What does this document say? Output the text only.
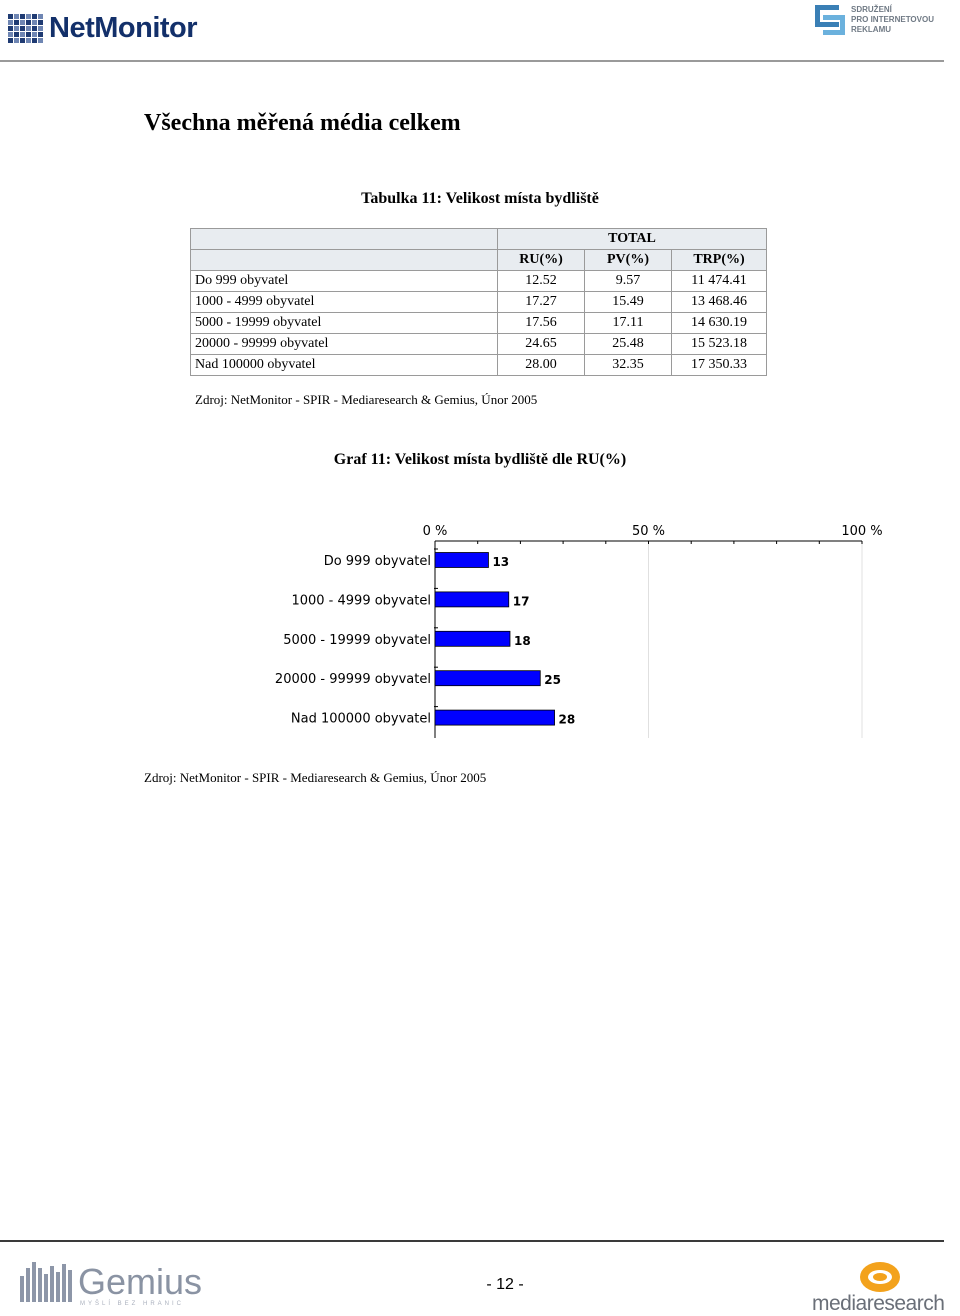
NetMonitor
SDRUŽENÍ
PRO INTERNETOVOU
REKLAMU
Všechna měřená média celkem
Tabulka 11: Velikost místa bydliště
	TOTAL		
	RU(%)	PV(%)	TRP(%)
Do 999 obyvatel	12.52	9.57	11 474.41
1000 - 4999 obyvatel	17.27	15.49	13 468.46
5000 - 19999 obyvatel	17.56	17.11	14 630.19
20000 - 99999 obyvatel	24.65	25.48	15 523.18
Nad 100000 obyvatel	28.00	32.35	17 350.33
Zdroj: NetMonitor - SPIR - Mediaresearch & Gemius, Únor 2005
Graf 11: Velikost místa bydliště dle RU(%)
0 %	50 %	100 %
Do 999 obyvatel	13
1000 - 4999 obyvatel	17
5000 - 19999 obyvatel	18
20000 - 99999 obyvatel	25
Nad 100000 obyvatel	28
Zdroj: NetMonitor - SPIR - Mediaresearch & Gemius, Únor 2005
Gemius
MYŠLÍ BEZ HRANIC
- 12 -
mediaresearch
